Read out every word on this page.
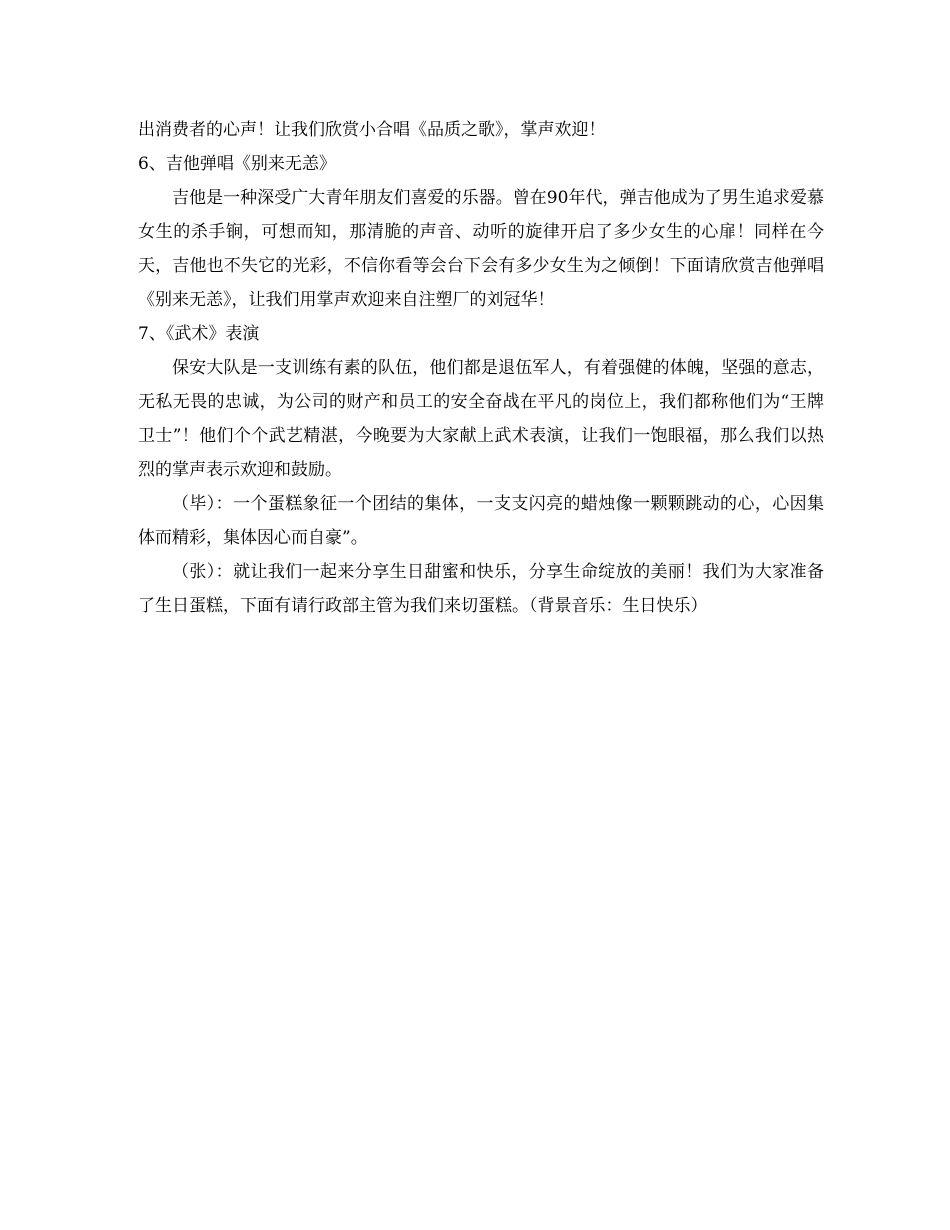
出消费者的心声！让我们欣赏小合唱《品质之歌》，掌声欢迎！

6、吉他弹唱《别来无恙》

吉他是一种深受广大青年朋友们喜爱的乐器。曾在90年代，弹吉他成为了男生追求爱慕女生的杀手锏，可想而知，那清脆的声音、动听的旋律开启了多少女生的心扉！同样在今天，吉他也不失它的光彩，不信你看等会台下会有多少女生为之倾倒！下面请欣赏吉他弹唱《别来无恙》，让我们用掌声欢迎来自注塑厂的刘冠华！

7、《武术》表演

保安大队是一支训练有素的队伍，他们都是退伍军人，有着强健的体魄，坚强的意志，无私无畏的忠诚，为公司的财产和员工的安全奋战在平凡的岗位上，我们都称他们为“王牌卫士”！他们个个武艺精湛，今晚要为大家献上武术表演，让我们一饱眼福，那么我们以热烈的掌声表示欢迎和鼓励。

（毕）：一个蛋糕象征一个团结的集体，一支支闪亮的蜡烛像一颗颗跳动的心，心因集体而精彩，集体因心而自豪”。

（张）：就让我们一起来分享生日甜蜜和快乐，分享生命绽放的美丽！我们为大家准备了生日蛋糕，下面有请行政部主管为我们来切蛋糕。（背景音乐：生日快乐）
